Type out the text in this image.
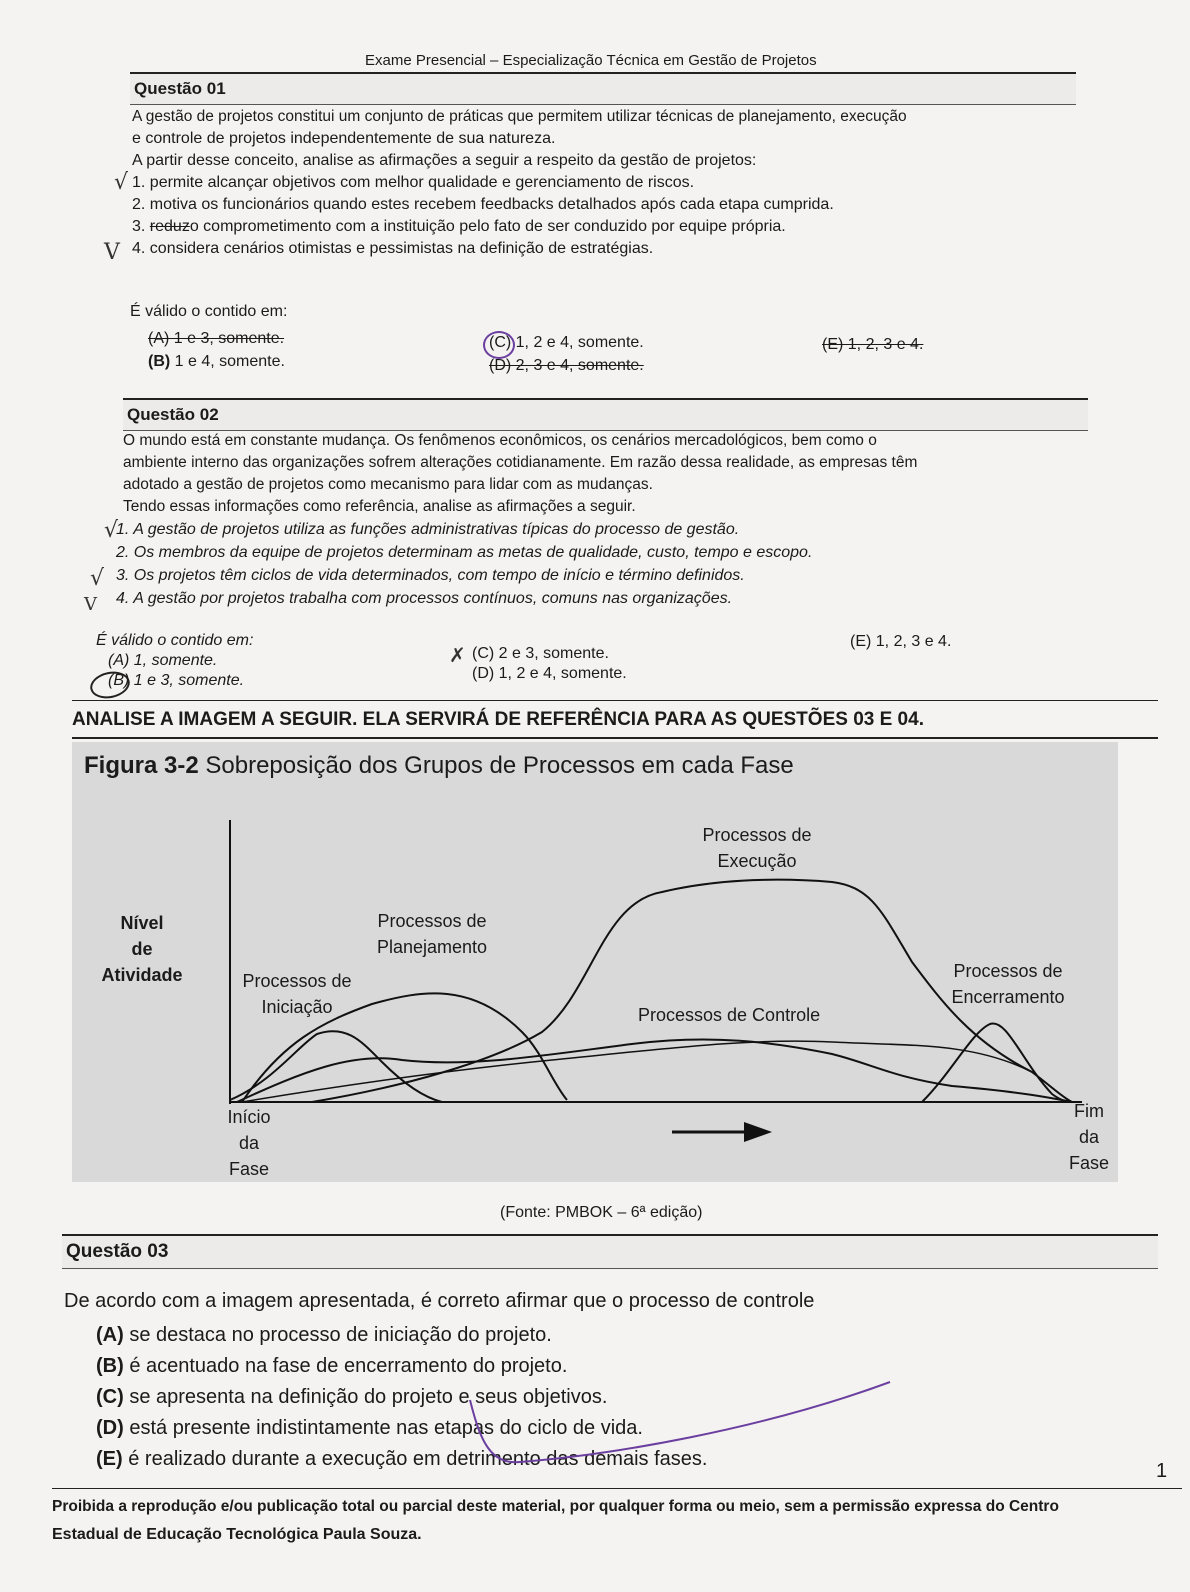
Exame Presencial – Especialização Técnica em Gestão de Projetos
Questão 01
A gestão de projetos constitui um conjunto de práticas que permitem utilizar técnicas de planejamento, execução
e controle de projetos independentemente de sua natureza.
A partir desse conceito, analise as afirmações a seguir a respeito da gestão de projetos:
√
V
1. permite alcançar objetivos com melhor qualidade e gerenciamento de riscos.
2. motiva os funcionários quando estes recebem feedbacks detalhados após cada etapa cumprida.
3. reduzo comprometimento com a instituição pelo fato de ser conduzido por equipe própria.
4. considera cenários otimistas e pessimistas na definição de estratégias.
É válido o contido em:
(A) 1 e 3, somente.
(B) 1 e 4, somente.
(C) 1, 2 e 4, somente.
(D) 2, 3 e 4, somente.
(E) 1, 2, 3 e 4.
Questão 02
O mundo está em constante mudança. Os fenômenos econômicos, os cenários mercadológicos, bem como o
ambiente interno das organizações sofrem alterações cotidianamente. Em razão dessa realidade, as empresas têm
adotado a gestão de projetos como mecanismo para lidar com as mudanças.
Tendo essas informações como referência, analise as afirmações a seguir.
√
√
V
1. A gestão de projetos utiliza as funções administrativas típicas do processo de gestão.
2. Os membros da equipe de projetos determinam as metas de qualidade, custo, tempo e escopo.
3. Os projetos têm ciclos de vida determinados, com tempo de início e término definidos.
4. A gestão por projetos trabalha com processos contínuos, comuns nas organizações.
É válido o contido em:
(A) 1, somente.
(B) 1 e 3, somente.
✗ (C) 2 e 3, somente.
(D) 1, 2 e 4, somente.
(E) 1, 2, 3 e 4.
ANALISE A IMAGEM A SEGUIR. ELA SERVIRÁ DE REFERÊNCIA PARA AS QUESTÕES 03 E 04.
Figura 3-2 Sobreposição dos Grupos de Processos em cada Fase
Nível
de
Atividade	Processos de
Iniciação
Processos de
Planejamento
Processos de
Execução
Processos de Controle
Processos de
Encerramento
Início
da
Fase
Fim
da
Fase
(Fonte: PMBOK – 6ª edição)
Questão 03
De acordo com a imagem apresentada, é correto afirmar que o processo de controle
(A) se destaca no processo de iniciação do projeto.
(B) é acentuado na fase de encerramento do projeto.
(C) se apresenta na definição do projeto e seus objetivos.
(D) está presente indistintamente nas etapas do ciclo de vida.
(E) é realizado durante a execução em detrimento das demais fases.
1
Proibida a reprodução e/ou publicação total ou parcial deste material, por qualquer forma ou meio, sem a permissão expressa do Centro
Estadual de Educação Tecnológica Paula Souza.
